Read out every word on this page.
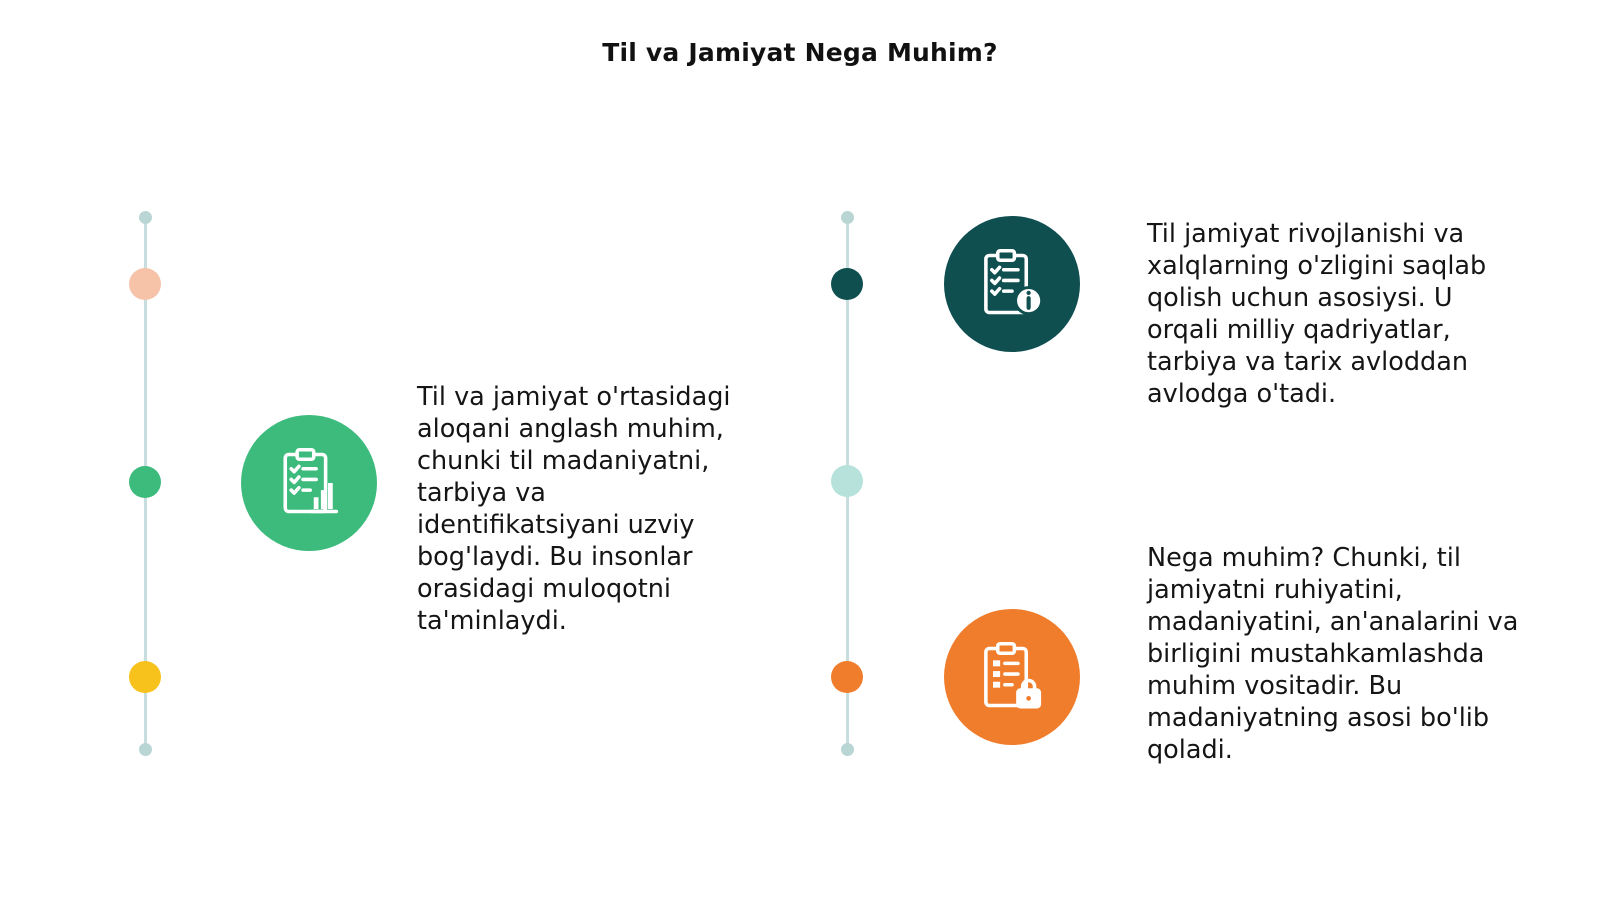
Til va Jamiyat Nega Muhim?
Til va jamiyat o'rtasidagi aloqani anglash muhim, chunki til madaniyatni, tarbiya va identifikatsiyani uzviy bog'laydi. Bu insonlar orasidagi muloqotni ta'minlaydi.
Til jamiyat rivojlanishi va xalqlarning o'zligini saqlab qolish uchun asosiysi. U orqali milliy qadriyatlar, tarbiya va tarix avloddan avlodga o'tadi.
Nega muhim? Chunki, til jamiyatni ruhiyatini, madaniyatini, an'analarini va birligini mustahkamlashda muhim vositadir. Bu madaniyatning asosi bo'lib qoladi.
